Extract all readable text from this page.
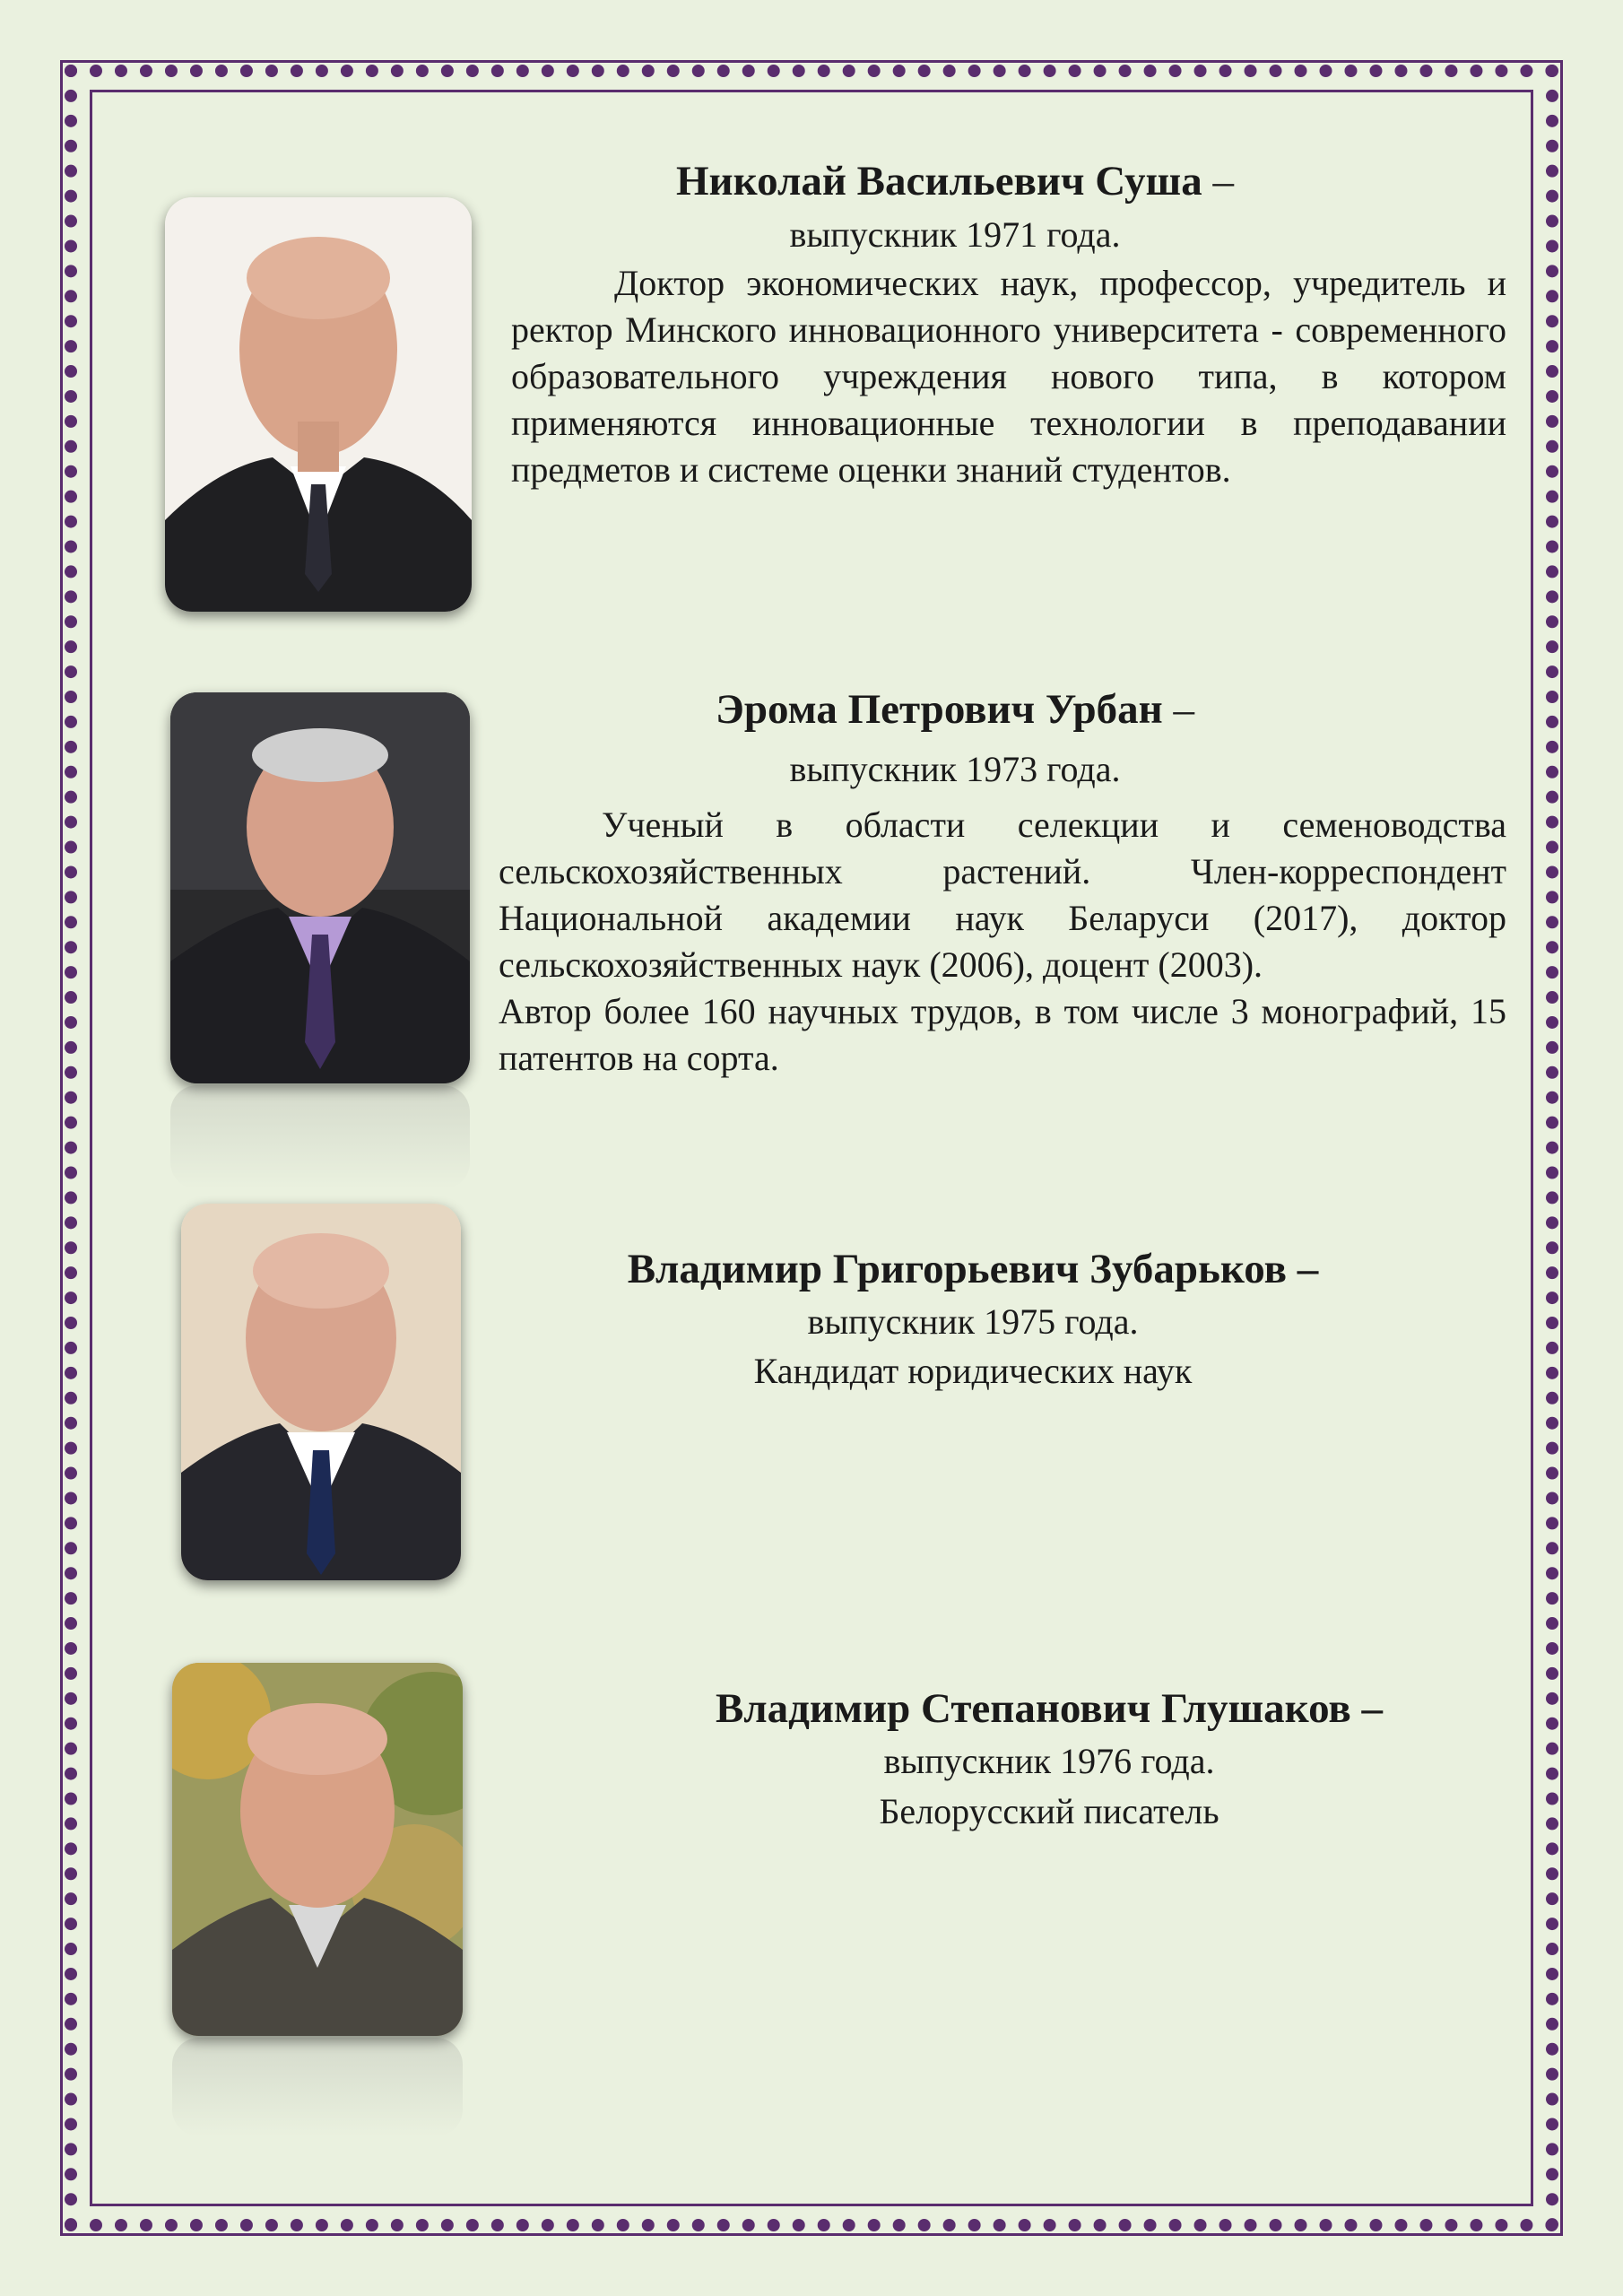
Николай Васильевич Суша –
выпускник 1971 года.

Доктор экономических наук, профессор, учредитель и ректор Минского инновационного университета - современного образовательного учреждения нового типа, в котором применяются инновационные технологии в преподавании предметов и системе оценки знаний студентов.

Эрома Петрович Урбан –
выпускник 1973 года.

Ученый в области селекции и семеноводства сельскохозяйственных растений. Член-корреспондент Национальной академии наук Беларуси (2017), доктор сельскохозяйственных наук (2006), доцент (2003).

Автор более 160 научных трудов, в том числе 3 монографий, 15 патентов на сорта.

Владимир Григорьевич Зубарьков –
выпускник 1975 года.
Кандидат юридических наук
Владимир Степанович Глушаков –
выпускник 1976 года.
Белорусский писатель
